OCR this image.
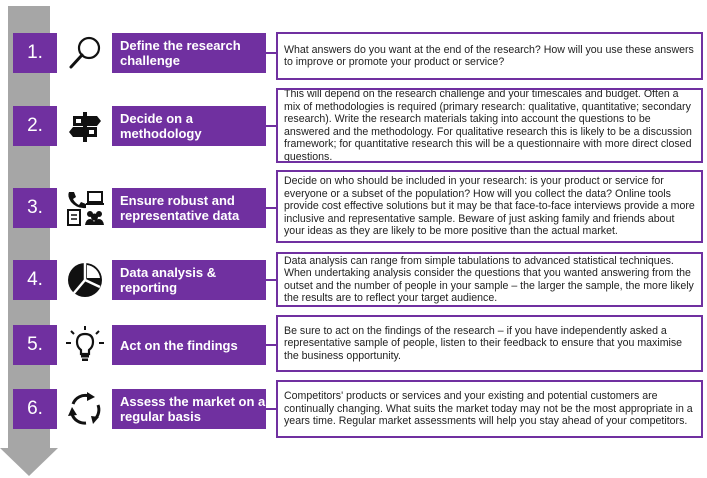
1.	Define the research challenge
What answers do you want at the end of the research? How will you use these answers to improve or promote your product or service?
2.	Decide on a methodology
This will depend on the research challenge and your timescales and budget. Often a mix of methodologies is required (primary research: qualitative, quantitative; secondary research). Write the research materials taking into account the questions to be answered and the methodology. For qualitative research this is likely to be a discussion framework; for quantitative research this will be a questionnaire with more direct closed questions.
3.	Ensure robust and representative data
Decide on who should be included in your research: is your product or service for everyone or a subset of the population? How will you collect the data? Online tools provide cost effective solutions but it may be that face-to-face interviews provide a more inclusive and representative sample. Beware of just asking family and friends about your ideas as they are likely to be more positive than the actual market.
4.	Data analysis & reporting
Data analysis can range from simple tabulations to advanced statistical techniques. When undertaking analysis consider the questions that you wanted answering from the outset and the number of people in your sample – the larger the sample, the more likely the results are to reflect your target audience.
5.	Act on the findings
Be sure to act on the findings of the research – if you have independently asked a representative sample of people, listen to their feedback to ensure that you maximise the business opportunity.
6.	Assess the market on a regular basis
Competitors' products or services and your existing and potential customers are continually changing. What suits the market today may not be the most appropriate in a years time. Regular market assessments will help you stay ahead of your competitors.
